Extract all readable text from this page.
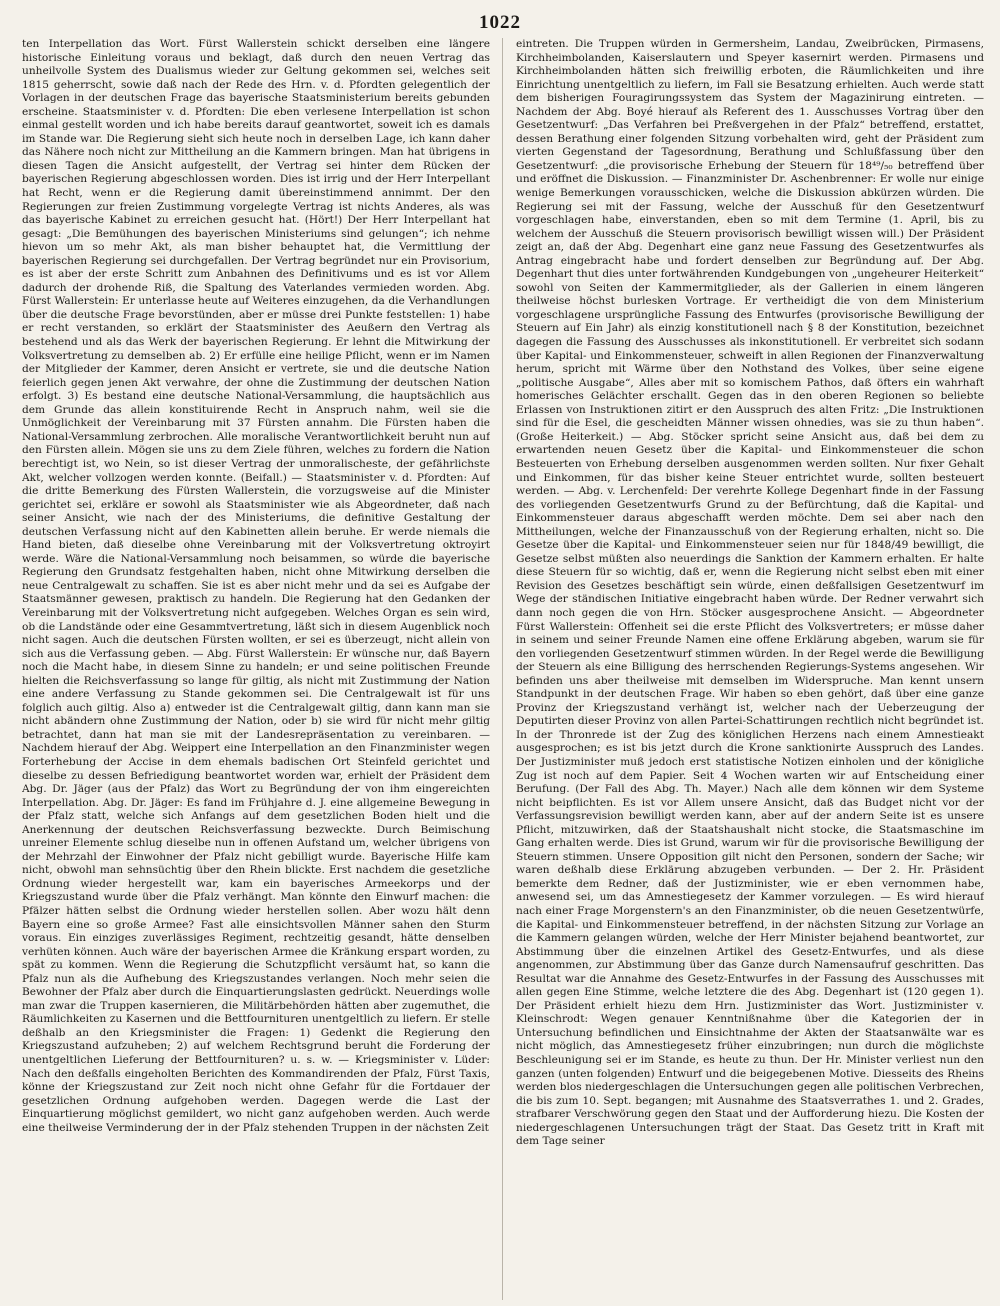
1022

ten Interpellation das Wort. Fürst Wallerstein schickt derselben eine längere historische Einleitung voraus und beklagt, daß durch den neuen Vertrag das unheilvolle System des Dualismus wieder zur Geltung gekommen sei, welches seit 1815 geherrscht, sowie daß nach der Rede des Hrn. v. d. Pfordten gelegentlich der Vorlagen in der deutschen Frage das bayerische Staatsministerium bereits gebunden erscheine. Staatsminister v. d. Pfordten: Die eben verlesene Interpellation ist schon einmal gestellt worden und ich habe bereits darauf geantwortet, soweit ich es damals im Stande war. Die Regierung sieht sich heute noch in derselben Lage, ich kann daher das Nähere noch nicht zur Mittheilung an die Kammern bringen. Man hat übrigens in diesen Tagen die Ansicht aufgestellt, der Vertrag sei hinter dem Rücken der bayerischen Regierung abgeschlossen worden. Dies ist irrig und der Herr Interpellant hat Recht, wenn er die Regierung damit übereinstimmend annimmt. Der den Regierungen zur freien Zustimmung vorgelegte Vertrag ist nichts Anderes, als was das bayerische Kabinet zu erreichen gesucht hat. (Hört!) Der Herr Interpellant hat gesagt: „Die Bemühungen des bayerischen Ministeriums sind gelungen“; ich nehme hievon um so mehr Akt, als man bisher behauptet hat, die Vermittlung der bayerischen Regierung sei durchgefallen. Der Vertrag begründet nur ein Provisorium, es ist aber der erste Schritt zum Anbahnen des Definitivums und es ist vor Allem dadurch der drohende Riß, die Spaltung des Vaterlandes vermieden worden. Abg. Fürst Wallerstein: Er unterlasse heute auf Weiteres einzugehen, da die Verhandlungen über die deutsche Frage bevorstünden, aber er müsse drei Punkte feststellen: 1) habe er recht verstanden, so erklärt der Staatsminister des Aeußern den Vertrag als bestehend und als das Werk der bayerischen Regierung. Er lehnt die Mitwirkung der Volksvertretung zu demselben ab. 2) Er erfülle eine heilige Pflicht, wenn er im Namen der Mitglieder der Kammer, deren Ansicht er vertrete, sie und die deutsche Nation feierlich gegen jenen Akt verwahre, der ohne die Zustimmung der deutschen Nation erfolgt. 3) Es bestand eine deutsche National-Versammlung, die hauptsächlich aus dem Grunde das allein konstituirende Recht in Anspruch nahm, weil sie die Unmöglichkeit der Vereinbarung mit 37 Fürsten annahm. Die Fürsten haben die National-Versammlung zerbrochen. Alle moralische Verantwortlichkeit beruht nun auf den Fürsten allein. Mögen sie uns zu dem Ziele führen, welches zu fordern die Nation berechtigt ist, wo Nein, so ist dieser Vertrag der unmoralischeste, der gefährlichste Akt, welcher vollzogen werden konnte. (Beifall.) — Staatsminister v. d. Pfordten: Auf die dritte Bemerkung des Fürsten Wallerstein, die vorzugsweise auf die Minister gerichtet sei, erkläre er sowohl als Staatsminister wie als Abgeordneter, daß nach seiner Ansicht, wie nach der des Ministeriums, die definitive Gestaltung der deutschen Verfassung nicht auf den Kabinetten allein beruhe. Er werde niemals die Hand bieten, daß dieselbe ohne Vereinbarung mit der Volksvertretung oktroyirt werde. Wäre die National-Versammlung noch beisammen, so würde die bayerische Regierung den Grundsatz festgehalten haben, nicht ohne Mitwirkung derselben die neue Centralgewalt zu schaffen. Sie ist es aber nicht mehr und da sei es Aufgabe der Staatsmänner gewesen, praktisch zu handeln. Die Regierung hat den Gedanken der Vereinbarung mit der Volksvertretung nicht aufgegeben. Welches Organ es sein wird, ob die Landstände oder eine Gesammtvertretung, läßt sich in diesem Augenblick noch nicht sagen. Auch die deutschen Fürsten wollten, er sei es überzeugt, nicht allein von sich aus die Verfassung geben. — Abg. Fürst Wallerstein: Er wünsche nur, daß Bayern noch die Macht habe, in diesem Sinne zu handeln; er und seine politischen Freunde hielten die Reichsverfassung so lange für giltig, als nicht mit Zustimmung der Nation eine andere Verfassung zu Stande gekommen sei. Die Centralgewalt ist für uns folglich auch giltig. Also a) entweder ist die Centralgewalt giltig, dann kann man sie nicht abändern ohne Zustimmung der Nation, oder b) sie wird für nicht mehr giltig betrachtet, dann hat man sie mit der Landesrepräsentation zu vereinbaren. — Nachdem hierauf der Abg. Weippert eine Interpellation an den Finanzminister wegen Forterhebung der Accise in dem ehemals badischen Ort Steinfeld gerichtet und dieselbe zu dessen Befriedigung beantwortet worden war, erhielt der Präsident dem Abg. Dr. Jäger (aus der Pfalz) das Wort zu Begründung der von ihm eingereichten Interpellation. Abg. Dr. Jäger: Es fand im Frühjahre d. J. eine allgemeine Bewegung in der Pfalz statt, welche sich Anfangs auf dem gesetzlichen Boden hielt und die Anerkennung der deutschen Reichsverfassung bezweckte. Durch Beimischung unreiner Elemente schlug dieselbe nun in offenen Aufstand um, welcher übrigens von der Mehrzahl der Einwohner der Pfalz nicht gebilligt wurde. Bayerische Hilfe kam nicht, obwohl man sehnsüchtig über den Rhein blickte. Erst nachdem die gesetzliche Ordnung wieder hergestellt war, kam ein bayerisches Armeekorps und der Kriegszustand wurde über die Pfalz verhängt. Man könnte den Einwurf machen: die Pfälzer hätten selbst die Ordnung wieder herstellen sollen. Aber wozu hält denn Bayern eine so große Armee? Fast alle einsichtsvollen Männer sahen den Sturm voraus. Ein einziges zuverlässiges Regiment, rechtzeitig gesandt, hätte denselben verhüten können. Auch wäre der bayerischen Armee die Kränkung erspart worden, zu spät zu kommen. Wenn die Regierung die Schutzpflicht versäumt hat, so kann die Pfalz nun als die Aufhebung des Kriegszustandes verlangen. Noch mehr seien die Bewohner der Pfalz aber durch die Einquartierungslasten gedrückt. Neuerdings wolle man zwar die Truppen kasernieren, die Militärbehörden hätten aber zugemuthet, die Räumlichkeiten zu Kasernen und die Bettfournituren unentgeltlich zu liefern. Er stelle deßhalb an den Kriegsminister die Fragen: 1) Gedenkt die Regierung den Kriegszustand aufzuheben; 2) auf welchem Rechtsgrund beruht die Forderung der unentgeltlichen Lieferung der Bettfournituren? u. s. w. — Kriegsminister v. Lüder: Nach den deßfalls eingeholten Berichten des Kommandirenden der Pfalz, Fürst Taxis, könne der Kriegszustand zur Zeit noch nicht ohne Gefahr für die Fortdauer der gesetzlichen Ordnung aufgehoben werden. Dagegen werde die Last der Einquartierung möglichst gemildert, wo nicht ganz aufgehoben werden. Auch werde eine theilweise Verminderung der in der Pfalz stehenden Truppen in der nächsten Zeit

eintreten. Die Truppen würden in Germersheim, Landau, Zweibrücken, Pirmasens, Kirchheimbolanden, Kaiserslautern und Speyer kasernirt werden. Pirmasens und Kirchheimbolanden hätten sich freiwillig erboten, die Räumlichkeiten und ihre Einrichtung unentgeltlich zu liefern, im Fall sie Besatzung erhielten. Auch werde statt dem bisherigen Fouragirungssystem das System der Magazinirung eintreten. — Nachdem der Abg. Boyé hierauf als Referent des 1. Ausschusses Vortrag über den Gesetzentwurf: „Das Verfahren bei Preßvergehen in der Pfalz“ betreffend, erstattet, dessen Berathung einer folgenden Sitzung vorbehalten wird, geht der Präsident zum vierten Gegenstand der Tagesordnung, Berathung und Schlußfassung über den Gesetzentwurf: „die provisorische Erhebung der Steuern für 18⁴⁹/₅₀ betreffend über und eröffnet die Diskussion. — Finanzminister Dr. Aschenbrenner: Er wolle nur einige wenige Bemerkungen vorausschicken, welche die Diskussion abkürzen würden. Die Regierung sei mit der Fassung, welche der Ausschuß für den Gesetzentwurf vorgeschlagen habe, einverstanden, eben so mit dem Termine (1. April, bis zu welchem der Ausschuß die Steuern provisorisch bewilligt wissen will.) Der Präsident zeigt an, daß der Abg. Degenhart eine ganz neue Fassung des Gesetzentwurfes als Antrag eingebracht habe und fordert denselben zur Begründung auf. Der Abg. Degenhart thut dies unter fortwährenden Kundgebungen von „ungeheurer Heiterkeit“ sowohl von Seiten der Kammermitglieder, als der Gallerien in einem längeren theilweise höchst burlesken Vortrage. Er vertheidigt die von dem Ministerium vorgeschlagene ursprüngliche Fassung des Entwurfes (provisorische Bewilligung der Steuern auf Ein Jahr) als einzig konstitutionell nach § 8 der Konstitution, bezeichnet dagegen die Fassung des Ausschusses als inkonstitutionell. Er verbreitet sich sodann über Kapital- und Einkommensteuer, schweift in allen Regionen der Finanzverwaltung herum, spricht mit Wärme über den Nothstand des Volkes, über seine eigene „politische Ausgabe“, Alles aber mit so komischem Pathos, daß öfters ein wahrhaft homerisches Gelächter erschallt. Gegen das in den oberen Regionen so beliebte Erlassen von Instruktionen zitirt er den Ausspruch des alten Fritz: „Die Instruktionen sind für die Esel, die gescheidten Männer wissen ohnedies, was sie zu thun haben“. (Große Heiterkeit.) — Abg. Stöcker spricht seine Ansicht aus, daß bei dem zu erwartenden neuen Gesetz über die Kapital- und Einkommensteuer die schon Besteuerten von Erhebung derselben ausgenommen werden sollten. Nur fixer Gehalt und Einkommen, für das bisher keine Steuer entrichtet wurde, sollten besteuert werden. — Abg. v. Lerchenfeld: Der verehrte Kollege Degenhart finde in der Fassung des vorliegenden Gesetzentwurfs Grund zu der Befürchtung, daß die Kapital- und Einkommensteuer daraus abgeschafft werden möchte. Dem sei aber nach den Mittheilungen, welche der Finanzausschuß von der Regierung erhalten, nicht so. Die Gesetze über die Kapital- und Einkommensteuer seien nur für 1848/49 bewilligt, die Gesetze selbst müßten also neuerdings die Sanktion der Kammern erhalten. Er halte diese Steuern für so wichtig, daß er, wenn die Regierung nicht selbst eben mit einer Revision des Gesetzes beschäftigt sein würde, einen deßfallsigen Gesetzentwurf im Wege der ständischen Initiative eingebracht haben würde. Der Redner verwahrt sich dann noch gegen die von Hrn. Stöcker ausgesprochene Ansicht. — Abgeordneter Fürst Wallerstein: Offenheit sei die erste Pflicht des Volksvertreters; er müsse daher in seinem und seiner Freunde Namen eine offene Erklärung abgeben, warum sie für den vorliegenden Gesetzentwurf stimmen würden. In der Regel werde die Bewilligung der Steuern als eine Billigung des herrschenden Regierungs-Systems angesehen. Wir befinden uns aber theilweise mit demselben im Widerspruche. Man kennt unsern Standpunkt in der deutschen Frage. Wir haben so eben gehört, daß über eine ganze Provinz der Kriegszustand verhängt ist, welcher nach der Ueberzeugung der Deputirten dieser Provinz von allen Partei-Schattirungen rechtlich nicht begründet ist. In der Thronrede ist der Zug des königlichen Herzens nach einem Amnestieakt ausgesprochen; es ist bis jetzt durch die Krone sanktionirte Ausspruch des Landes. Der Justizminister muß jedoch erst statistische Notizen einholen und der königliche Zug ist noch auf dem Papier. Seit 4 Wochen warten wir auf Entscheidung einer Berufung. (Der Fall des Abg. Th. Mayer.) Nach alle dem können wir dem Systeme nicht beipflichten. Es ist vor Allem unsere Ansicht, daß das Budget nicht vor der Verfassungsrevision bewilligt werden kann, aber auf der andern Seite ist es unsere Pflicht, mitzuwirken, daß der Staatshaushalt nicht stocke, die Staatsmaschine im Gang erhalten werde. Dies ist Grund, warum wir für die provisorische Bewilligung der Steuern stimmen. Unsere Opposition gilt nicht den Personen, sondern der Sache; wir waren deßhalb diese Erklärung abzugeben verbunden. — Der 2. Hr. Präsident bemerkte dem Redner, daß der Justizminister, wie er eben vernommen habe, anwesend sei, um das Amnestiegesetz der Kammer vorzulegen. — Es wird hierauf nach einer Frage Morgenstern's an den Finanzminister, ob die neuen Gesetzentwürfe, die Kapital- und Einkommensteuer betreffend, in der nächsten Sitzung zur Vorlage an die Kammern gelangen würden, welche der Herr Minister bejahend beantwortet, zur Abstimmung über die einzelnen Artikel des Gesetz-Entwurfes, und als diese angenommen, zur Abstimmung über das Ganze durch Namensaufruf geschritten. Das Resultat war die Annahme des Gesetz-Entwurfes in der Fassung des Ausschusses mit allen gegen Eine Stimme, welche letztere die des Abg. Degenhart ist (120 gegen 1). Der Präsident erhielt hiezu dem Hrn. Justizminister das Wort. Justizminister v. Kleinschrodt: Wegen genauer Kenntnißnahme über die Kategorien der in Untersuchung befindlichen und Einsichtnahme der Akten der Staatsanwälte war es nicht möglich, das Amnestiegesetz früher einzubringen; nun durch die möglichste Beschleunigung sei er im Stande, es heute zu thun. Der Hr. Minister verliest nun den ganzen (unten folgenden) Entwurf und die beigegebenen Motive. Diesseits des Rheins werden blos niedergeschlagen die Untersuchungen gegen alle politischen Verbrechen, die bis zum 10. Sept. begangen; mit Ausnahme des Staatsverrathes 1. und 2. Grades, strafbarer Verschwörung gegen den Staat und der Aufforderung hiezu. Die Kosten der niedergeschlagenen Untersuchungen trägt der Staat. Das Gesetz tritt in Kraft mit dem Tage seiner
